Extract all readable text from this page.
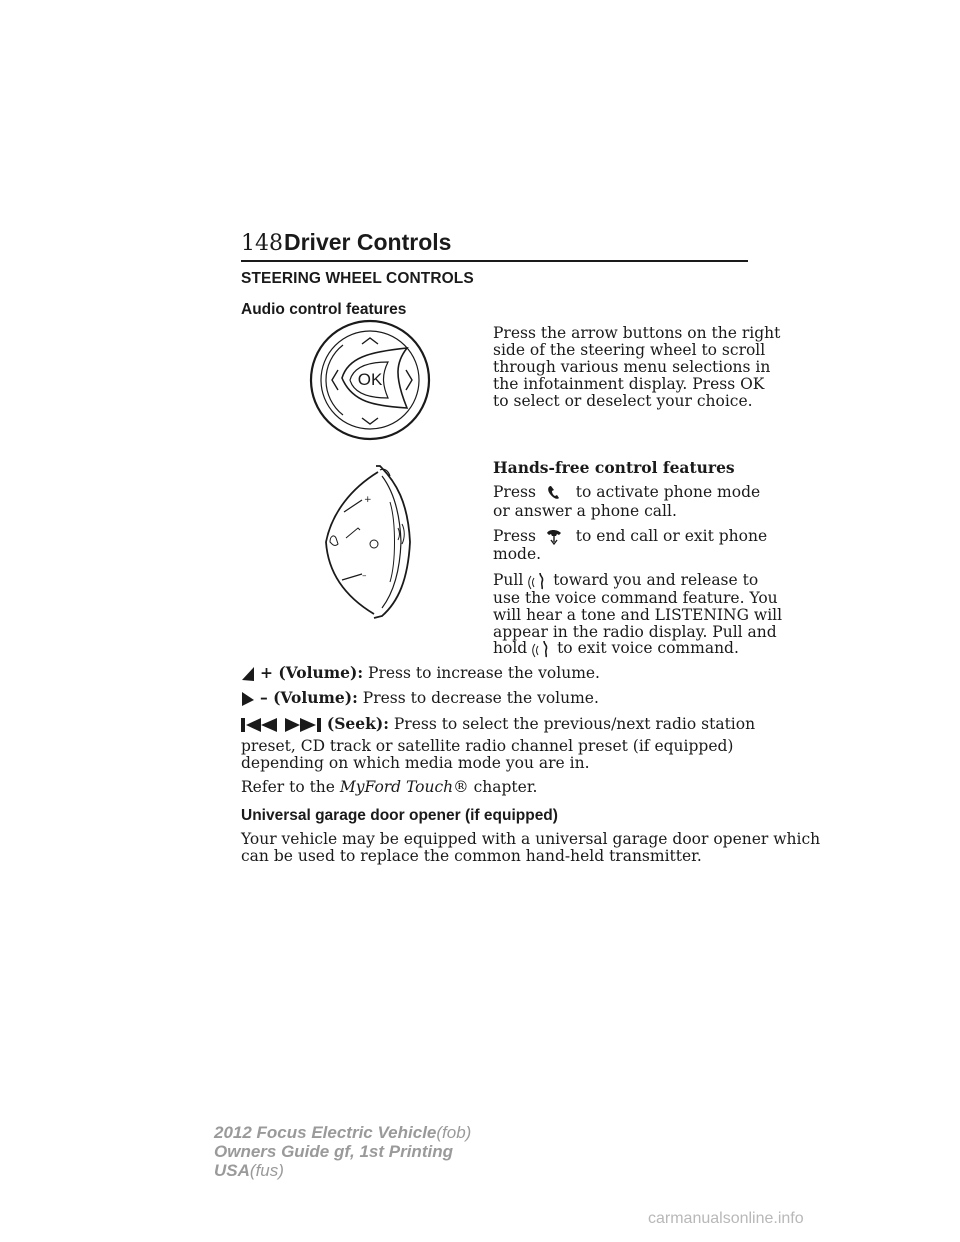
148 Driver Controls
STEERING WHEEL CONTROLS
Audio control features
OK
Press the arrow buttons on the right
side of the steering wheel to scroll
through various menu selections in
the infotainment display. Press OK
to select or deselect your choice.
+
–
Hands-free control features
Press	to activate phone mode
or answer a phone call.
Press	to end call or exit phone
mode.
Pull toward you and release to
use the voice command feature. You
will hear a tone and LISTENING will
appear in the radio display. Pull and
hold to exit voice command.
+ (Volume): Press to increase the volume.
– (Volume): Press to decrease the volume.
(Seek): Press to select the previous/next radio station
preset, CD track or satellite radio channel preset (if equipped)
depending on which media mode you are in.
Refer to the MyFord Touch® chapter.
Universal garage door opener (if equipped)
Your vehicle may be equipped with a universal garage door opener which
can be used to replace the common hand-held transmitter.
2012 Focus Electric Vehicle(fob)
Owners Guide gf, 1st Printing
USA(fus)
carmanualsonline.info
